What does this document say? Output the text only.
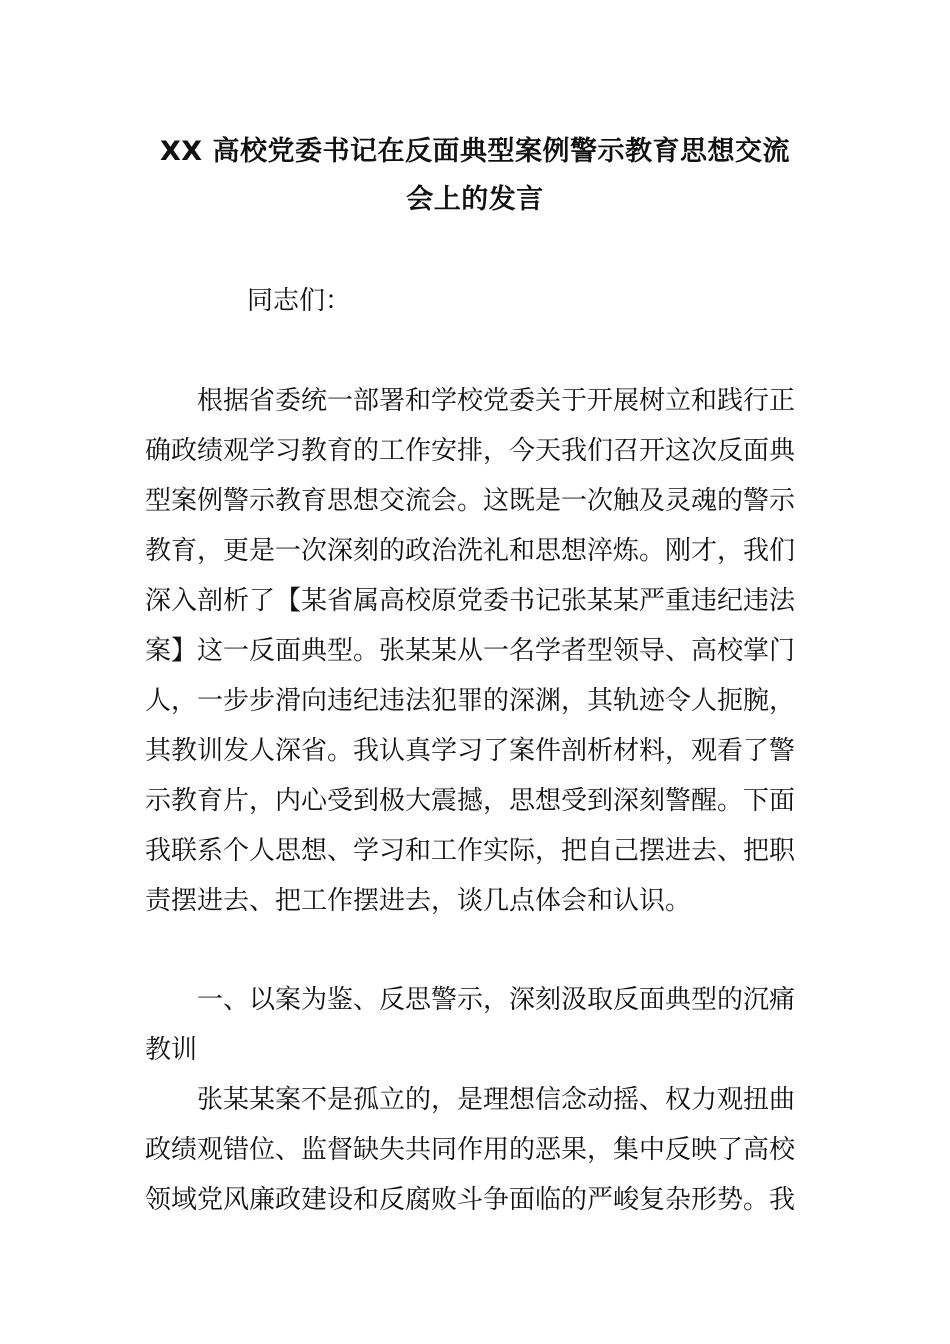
XX 高校党委书记在反面典型案例警示教育思想交流
会上的发言
同志们：
根据省委统一部署和学校党委关于开展树立和践行正
确政绩观学习教育的工作安排，今天我们召开这次反面典
型案例警示教育思想交流会。这既是一次触及灵魂的警示
教育，更是一次深刻的政治洗礼和思想淬炼。刚才，我们
深入剖析了【某省属高校原党委书记张某某严重违纪违法
案】这一反面典型。张某某从一名学者型领导、高校掌门
人，一步步滑向违纪违法犯罪的深渊，其轨迹令人扼腕，
其教训发人深省。我认真学习了案件剖析材料，观看了警
示教育片，内心受到极大震撼，思想受到深刻警醒。下面
我联系个人思想、学习和工作实际，把自己摆进去、把职
责摆进去、把工作摆进去，谈几点体会和认识。
一、以案为鉴、反思警示，深刻汲取反面典型的沉痛
教训
张某某案不是孤立的，是理想信念动摇、权力观扭曲
政绩观错位、监督缺失共同作用的恶果，集中反映了高校
领域党风廉政建设和反腐败斗争面临的严峻复杂形势。我
